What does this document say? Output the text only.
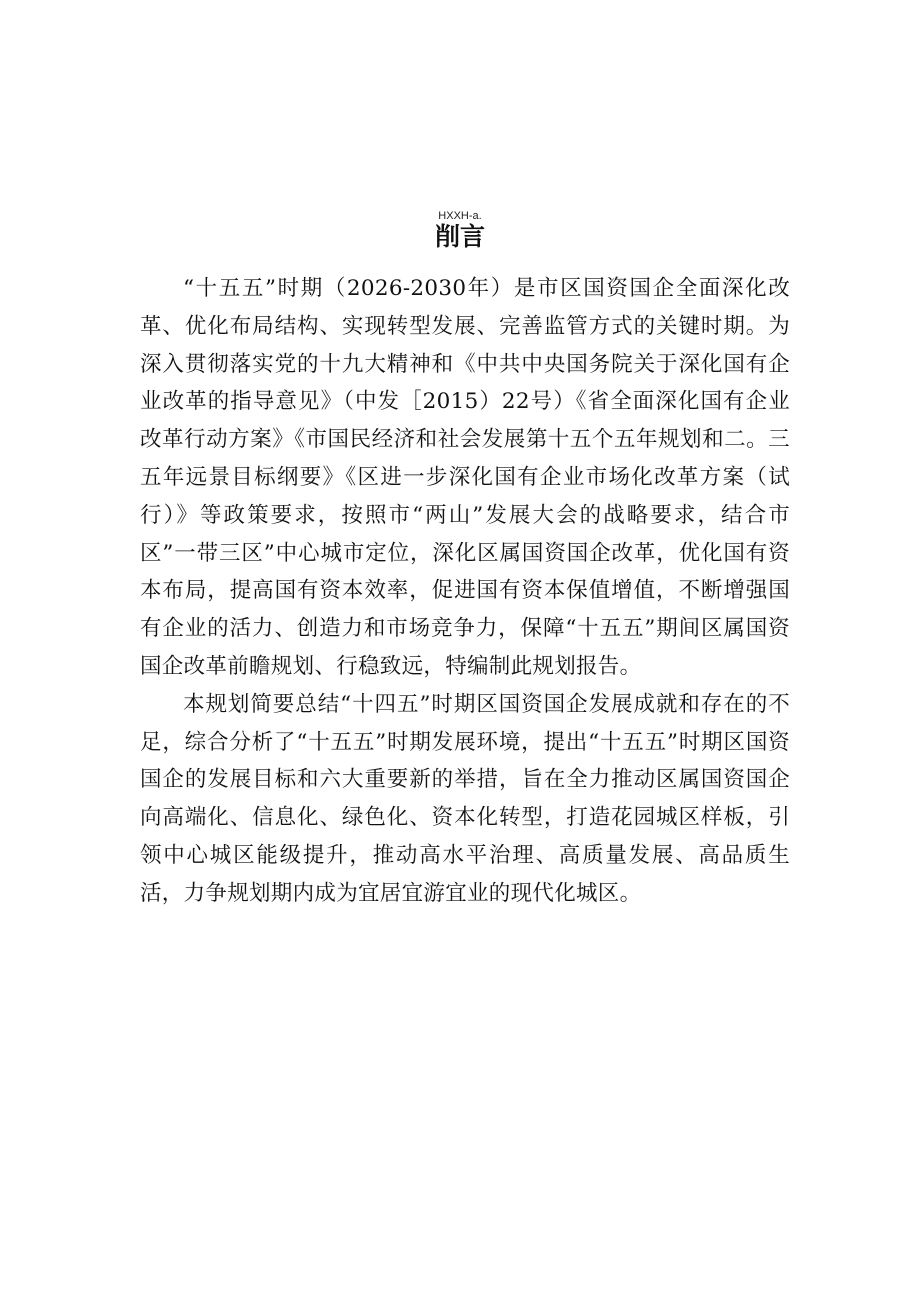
HXXH-a.
削言

“十五五”时期（2026-2030年）是市区国资国企全面深化改革、优化布局结构、实现转型发展、完善监管方式的关键时期。为深入贯彻落实党的十九大精神和《中共中央国务院关于深化国有企业改革的指导意见》（中发［2015）22号）《省全面深化国有企业改革行动方案》《市国民经济和社会发展第十五个五年规划和二。三五年远景目标纲要》《区进一步深化国有企业市场化改革方案（试行）》等政策要求，按照市“两山”发展大会的战略要求，结合市区”一带三区”中心城市定位，深化区属国资国企改革，优化国有资本布局，提高国有资本效率，促进国有资本保值增值，不断增强国有企业的活力、创造力和市场竞争力，保障“十五五”期间区属国资国企改革前瞻规划、行稳致远，特编制此规划报告。

本规划简要总结“十四五”时期区国资国企发展成就和存在的不足，综合分析了“十五五”时期发展环境，提出“十五五”时期区国资国企的发展目标和六大重要新的举措，旨在全力推动区属国资国企向高端化、信息化、绿色化、资本化转型，打造花园城区样板，引领中心城区能级提升，推动高水平治理、高质量发展、高品质生活，力争规划期内成为宜居宜游宜业的现代化城区。
